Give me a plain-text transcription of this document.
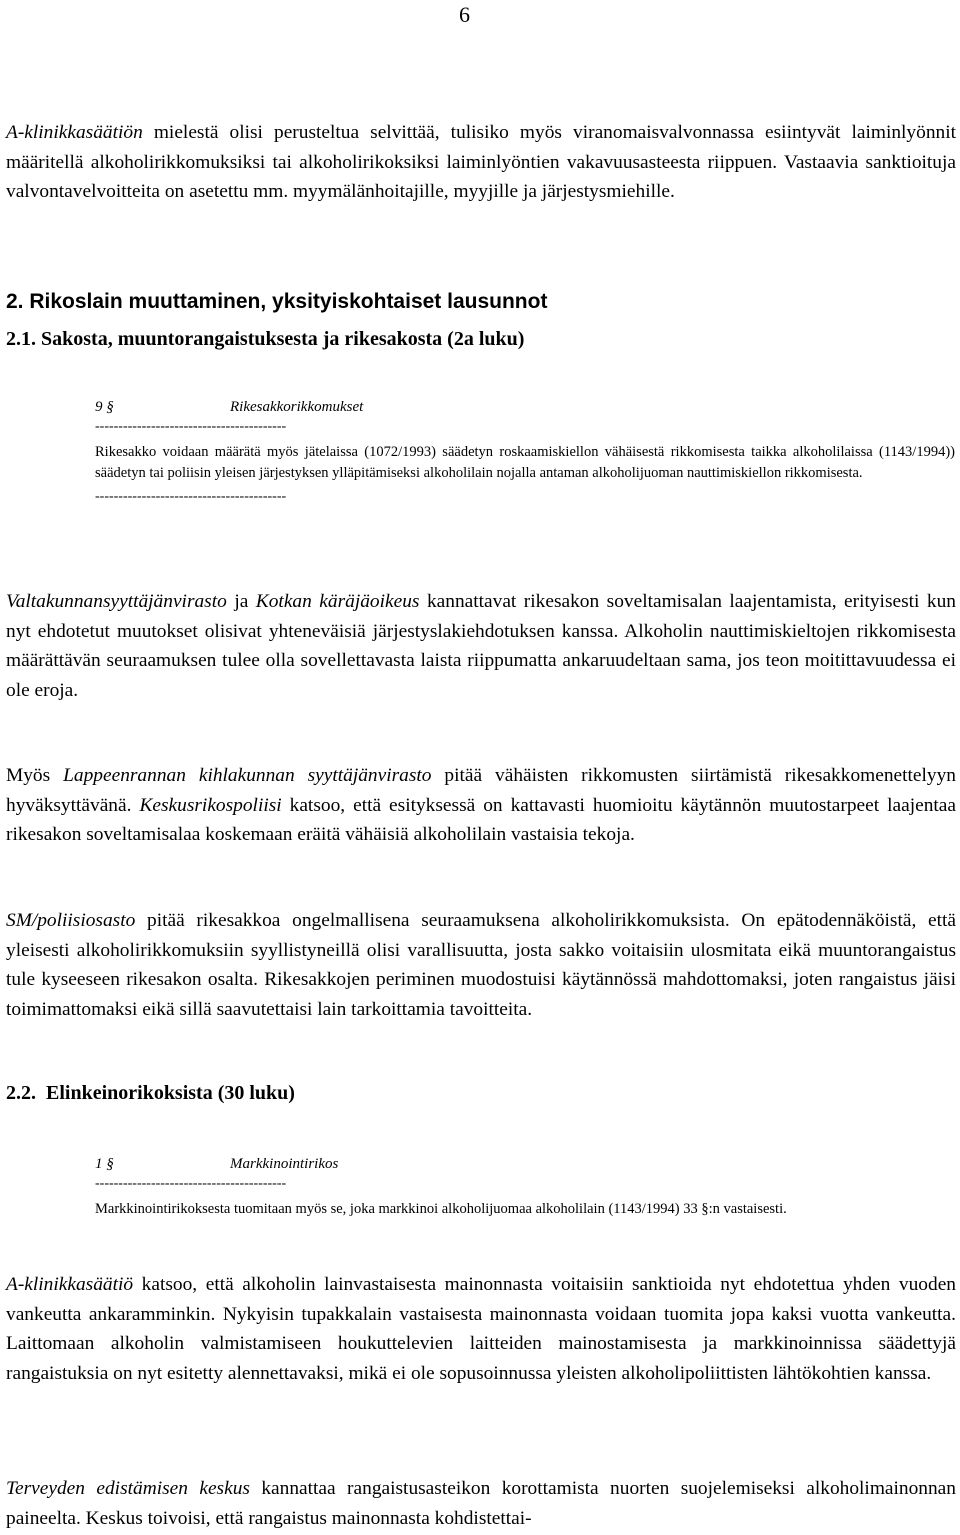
6

A-klinikkasäätiön mielestä olisi perusteltua selvittää, tulisiko myös viranomaisvalvonnassa esiintyvät laiminlyönnit määritellä alkoholirikkomuksiksi tai alkoholirikoksiksi laiminlyöntien vakavuusasteesta riippuen. Vastaavia sanktioituja valvontavelvoitteita on asetettu mm. myymälänhoitajille, myyjille ja järjestysmiehille.

2. Rikoslain muuttaminen, yksityiskohtaiset lausunnot
2.1. Sakosta, muuntorangaistuksesta ja rikesakosta (2a luku)
9 §	Rikesakkorikkomukset
-----------------------------------------
Rikesakko voidaan määrätä myös jätelaissa (1072/1993) säädetyn roskaamiskiellon vähäisestä rikkomisesta taikka alkoholilaissa (1143/1994)) säädetyn tai poliisin yleisen järjestyksen ylläpitämiseksi alkoholilain nojalla antaman alkoholijuoman nauttimiskiellon rikkomisesta.
-----------------------------------------

Valtakunnansyyttäjänvirasto ja Kotkan käräjäoikeus kannattavat rikesakon soveltamisalan laajentamista, erityisesti kun nyt ehdotetut muutokset olisivat yhteneväisiä järjestyslakiehdotuksen kanssa. Alkoholin nauttimiskieltojen rikkomisesta määrättävän seuraamuksen tulee olla sovellettavasta laista riippumatta ankaruudeltaan sama, jos teon moitittavuudessa ei ole eroja.

Myös Lappeenrannan kihlakunnan syyttäjänvirasto pitää vähäisten rikkomusten siirtämistä rikesakkomenettelyyn hyväksyttävänä. Keskusrikospoliisi katsoo, että esityksessä on kattavasti huomioitu käytännön muutostarpeet laajentaa rikesakon soveltamisalaa koskemaan eräitä vähäisiä alkoholilain vastaisia tekoja.

SM/poliisiosasto pitää rikesakkoa ongelmallisena seuraamuksena alkoholirikkomuksista. On epätodennäköistä, että yleisesti alkoholirikkomuksiin syyllistyneillä olisi varallisuutta, josta sakko voitaisiin ulosmitata eikä muuntorangaistus tule kyseeseen rikesakon osalta. Rikesakkojen periminen muodostuisi käytännössä mahdottomaksi, joten rangaistus jäisi toimimattomaksi eikä sillä saavutettaisi lain tarkoittamia tavoitteita.

2.2.  Elinkeinorikoksista (30 luku)
1 §	Markkinointirikos
-----------------------------------------
Markkinointirikoksesta tuomitaan myös se, joka markkinoi alkoholijuomaa alkoholilain (1143/1994) 33 §:n vastaisesti.

A-klinikkasäätiö katsoo, että alkoholin lainvastaisesta mainonnasta voitaisiin sanktioida nyt ehdotettua yhden vuoden vankeutta ankaramminkin. Nykyisin tupakkalain vastaisesta mainonnasta voidaan tuomita jopa kaksi vuotta vankeutta. Laittomaan alkoholin valmistamiseen houkuttelevien laitteiden mainostamisesta ja markkinoinnissa säädettyjä rangaistuksia on nyt esitetty alennettavaksi, mikä ei ole sopusoinnussa yleisten alkoholipoliittisten lähtökohtien kanssa.

Terveyden edistämisen keskus kannattaa rangaistusasteikon korottamista nuorten suojelemiseksi alkoholimainonnan paineelta. Keskus toivoisi, että rangaistus mainonnasta kohdistettai-
